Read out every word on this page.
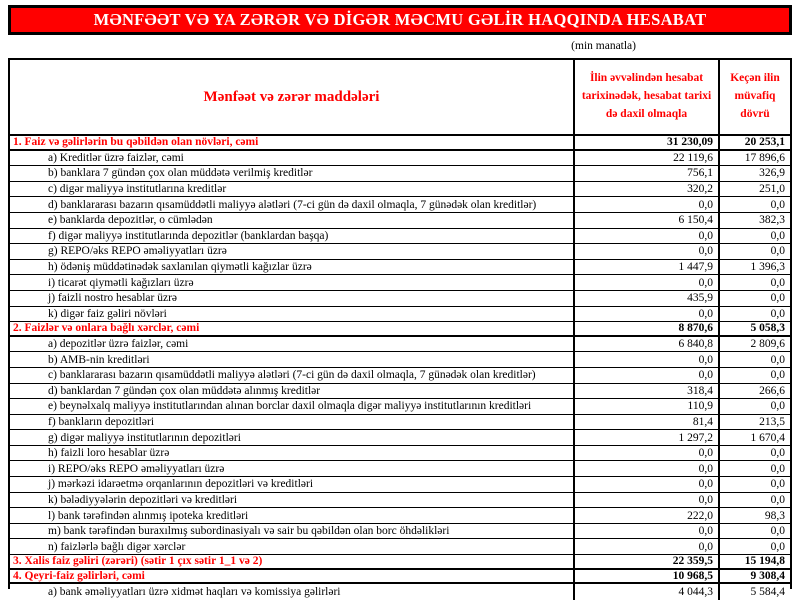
MƏNFƏƏT VƏ YA ZƏRƏR VƏ DİGƏR MƏCMU GƏLİR HAQQINDA HESABAT
(min manatla)
Mənfəət və zərər maddələri
İlin əvvəlindən hesabat tarixinədək, hesabat tarixi də daxil olmaqla
Keçən ilin müvafiq dövrü
1. Faiz və gəlirlərin bu qəbildən olan növləri, cəmi	31 230,09	20 253,1
a) Kreditlər üzrə faizlər, cəmi	22 119,6	17 896,6
b) banklara 7 gündən çox olan müddətə verilmiş kreditlər	756,1	326,9
c) digər maliyyə institutlarına kreditlər	320,2	251,0
d) banklararası bazarın qısamüddətli maliyyə alətləri (7-ci gün də daxil olmaqla, 7 günədək olan kreditlər)	0,0	0,0
e) banklarda depozitlər, o cümlədən	6 150,4	382,3
f) digər maliyyə institutlarında depozitlər (banklardan başqa)	0,0	0,0
g) REPO/əks REPO əməliyyatları üzrə	0,0	0,0
h) ödəniş müddətinədək saxlanılan qiymətli kağızlar üzrə	1 447,9	1 396,3
i) ticarət qiymətli kağızları üzrə	0,0	0,0
j) faizli nostro hesablar üzrə	435,9	0,0
k) digər faiz gəliri növləri	0,0	0,0
2. Faizlər və onlara bağlı xərclər, cəmi	8 870,6	5 058,3
a) depozitlər üzrə faizlər, cəmi	6 840,8	2 809,6
b) AMB-nin kreditləri	0,0	0,0
c) banklararası bazarın qısamüddətli maliyyə alətləri (7-ci gün də daxil olmaqla, 7 günədək olan kreditlər)	0,0	0,0
d) banklardan 7 gündən çox olan müddətə alınmış kreditlər	318,4	266,6
e) beynəlxalq maliyyə institutlarından alınan borclar daxil olmaqla digər maliyyə institutlarının kreditləri	110,9	0,0
f) bankların depozitləri	81,4	213,5
g) digər maliyyə institutlarının depozitləri	1 297,2	1 670,4
h) faizli loro hesablar üzrə	0,0	0,0
i) REPO/əks REPO əməliyyatları üzrə	0,0	0,0
j) mərkəzi idarəetmə orqanlarının depozitləri və kreditləri	0,0	0,0
k) bələdiyyələrin depozitləri və kreditləri	0,0	0,0
l) bank tərəfindən alınmış ipoteka kreditləri	222,0	98,3
m) bank tərəfindən buraxılmış subordinasiyalı və sair bu qəbildən olan borc öhdəlikləri	0,0	0,0
n) faizlərlə bağlı digər xərclər	0,0	0,0
3. Xalis faiz gəliri (zərəri) (sətir 1 çıx sətir 1_1 və 2)	22 359,5	15 194,8
4. Qeyri-faiz gəlirləri, cəmi	10 968,5	9 308,4
a) bank əməliyyatları üzrə xidmət haqları və komissiya gəlirləri	4 044,3	5 584,4
